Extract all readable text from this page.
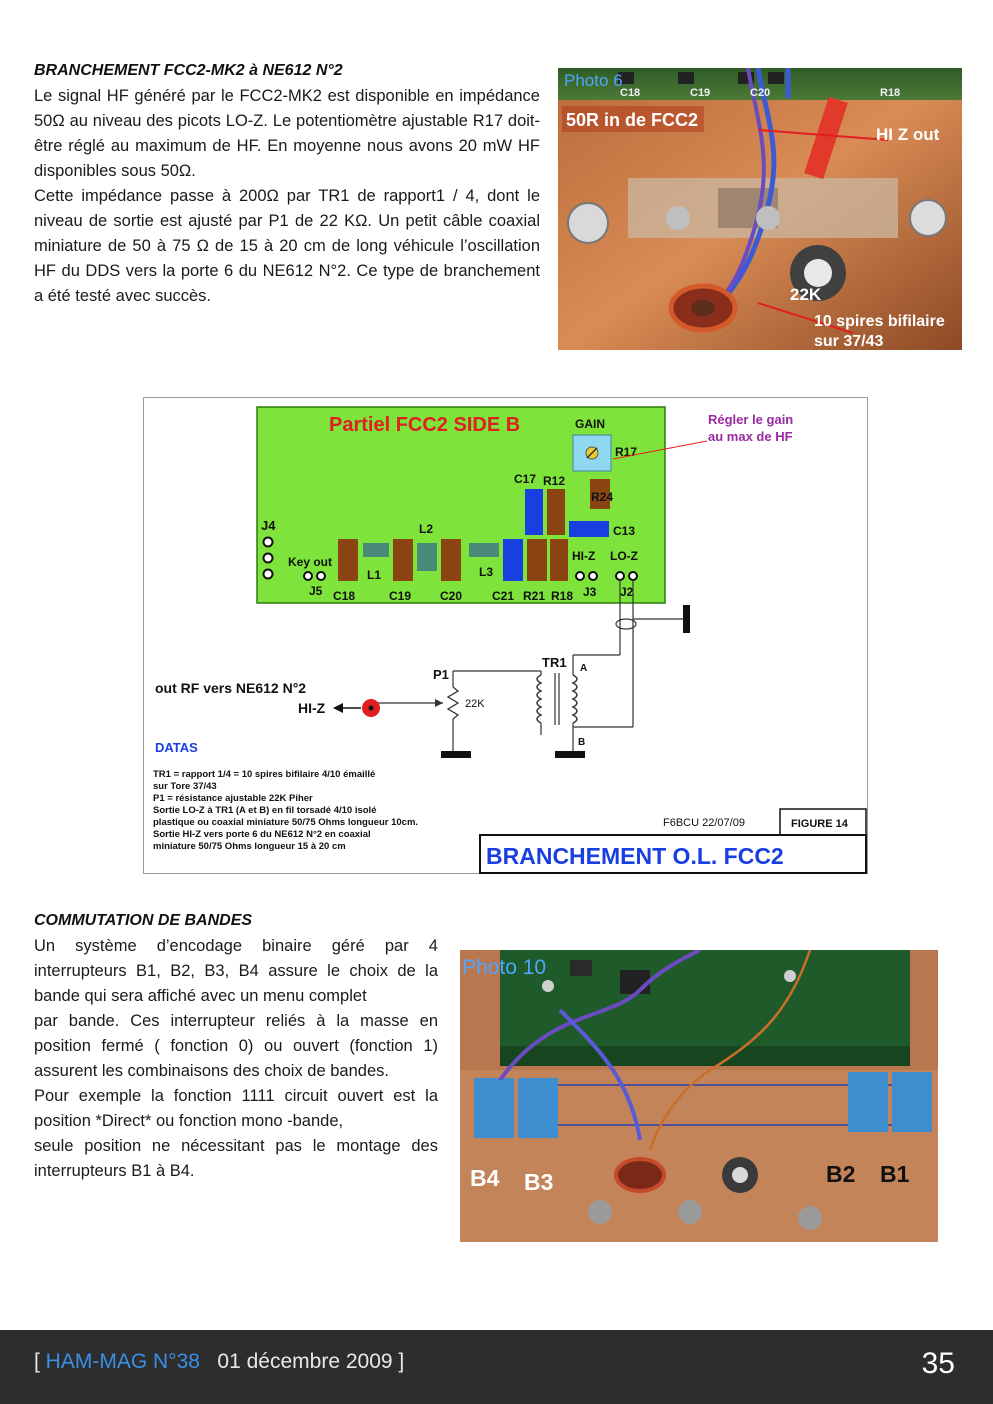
BRANCHEMENT FCC2-MK2 à NE612 N°2

Le signal HF généré par le FCC2-MK2 est disponible en impédance 50Ω au niveau des picots LO-Z. Le potentiomètre ajustable R17 doit- être réglé au maximum de HF. En moyenne nous avons 20 mW HF disponibles sous 50Ω.

Cette impédance passe à 200Ω par TR1 de rapport1 / 4, dont le niveau de sortie est ajusté par P1 de 22 KΩ. Un petit câble coaxial miniature de 50 à 75 Ω de 15 à 20 cm de long véhicule l’oscillation HF du DDS vers la porte 6 du NE612 N°2. Ce type de branchement a été testé avec succès.

Photo 6
C18	C19	C20	R18
50R in de FCC2
HI Z out
22K
10 spires bifilaire
sur 37/43
Partiel FCC2 SIDE B	GAIN
R17
Régler le gain
au max de HF
C17 R12
R24
C13
J4	L2
Key out
L1	L3
HI-Z LO-Z
J5 C18	C19 C20 C21 R21 R18 J3 J2
TR1 A
B
P1
22K
out RF vers NE612 N°2
HI-Z
DATAS
TR1 = rapport 1/4 = 10 spires bifilaire 4/10 émaillé
sur Tore 37/43
P1 = résistance ajustable 22K Piher
Sortie LO-Z à TR1 (A et B) en fil torsadé 4/10 isolé
plastique ou coaxial miniature 50/75 Ohms longueur 10cm.
Sortie HI-Z vers porte 6 du NE612 N°2 en coaxial
miniature 50/75 Ohms longueur 15 à 20 cm
F6BCU 22/07/09	FIGURE 14
BRANCHEMENT O.L. FCC2
COMMUTATION DE BANDES

Un système d’encodage binaire géré par 4 interrupteurs B1, B2, B3, B4 assure le choix de la bande qui sera affiché avec un menu complet

par bande. Ces interrupteur reliés à la masse en position fermé ( fonction 0) ou ouvert (fonction 1) assurent les combinaisons des choix de bandes.

Pour exemple la fonction 1111 circuit ouvert est la position *Direct* ou fonction mono -bande,

seule position ne nécessitant pas le montage des interrupteurs B1 à B4.

Photo 10
B4 B3	B2 B1
[ HAM-MAG N°38   01 décembre 2009 ]	35
